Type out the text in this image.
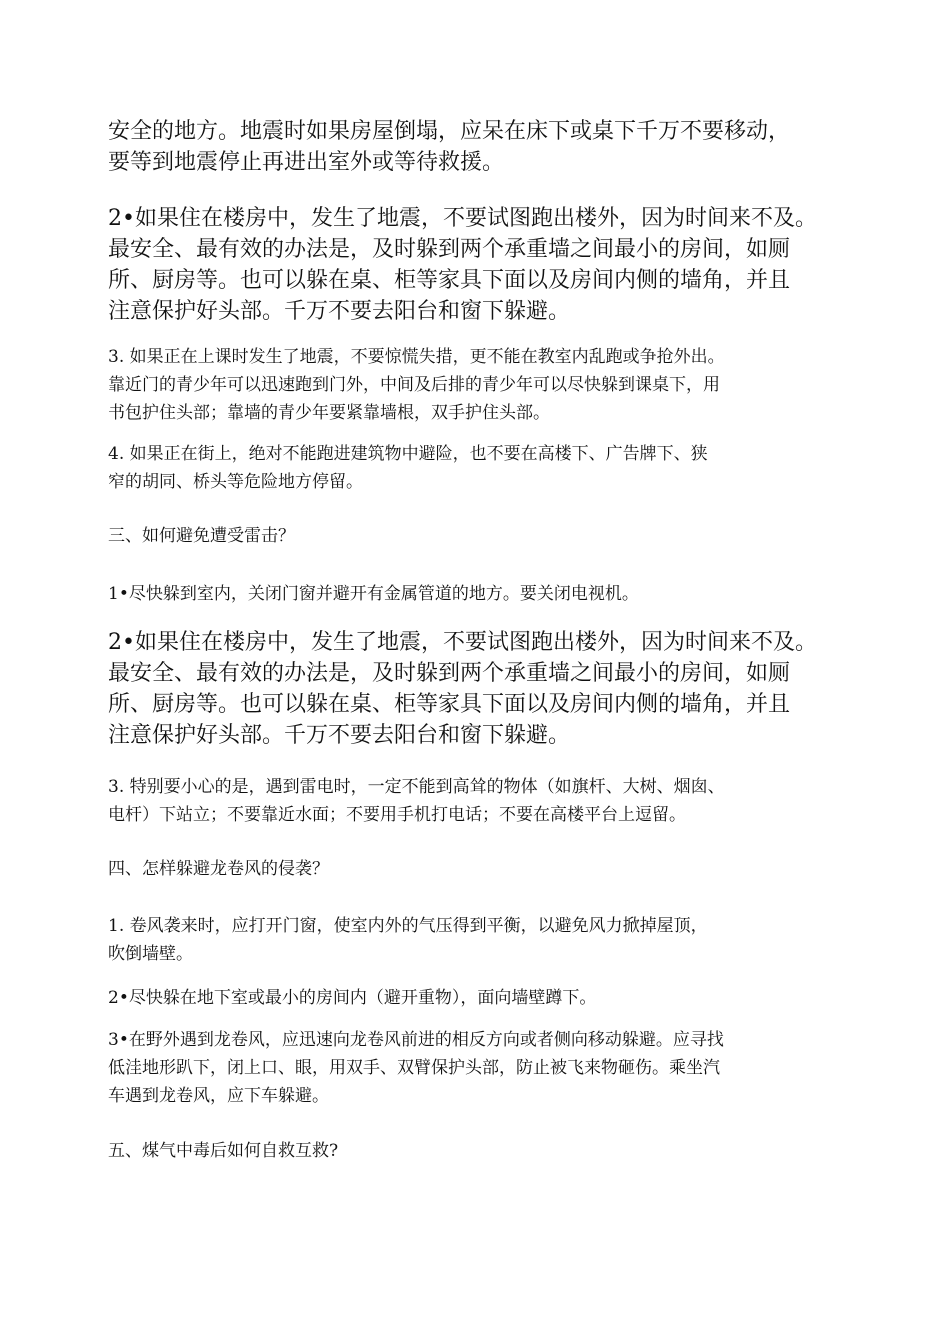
安全的地方。地震时如果房屋倒塌，应呆在床下或桌下千万不要移动，
要等到地震停止再进出室外或等待救援。

2•如果住在楼房中，发生了地震，不要试图跑出楼外，因为时间来不及。
最安全、最有效的办法是，及时躲到两个承重墙之间最小的房间，如厕
所、厨房等。也可以躲在桌、柜等家具下面以及房间内侧的墙角，并且
注意保护好头部。千万不要去阳台和窗下躲避。

3. 如果正在上课时发生了地震，不要惊慌失措，更不能在教室内乱跑或争抢外出。
靠近门的青少年可以迅速跑到门外，中间及后排的青少年可以尽快躲到课桌下，用
书包护住头部；靠墙的青少年要紧靠墙根，双手护住头部。

4. 如果正在街上，绝对不能跑进建筑物中避险，也不要在高楼下、广告牌下、狭
窄的胡同、桥头等危险地方停留。

三、如何避免遭受雷击？

1•尽快躲到室内，关闭门窗并避开有金属管道的地方。要关闭电视机。

2•如果住在楼房中，发生了地震，不要试图跑出楼外，因为时间来不及。
最安全、最有效的办法是，及时躲到两个承重墙之间最小的房间，如厕
所、厨房等。也可以躲在桌、柜等家具下面以及房间内侧的墙角，并且
注意保护好头部。千万不要去阳台和窗下躲避。

3. 特别要小心的是，遇到雷电时，一定不能到高耸的物体（如旗杆、大树、烟囱、
电杆）下站立；不要靠近水面；不要用手机打电话；不要在高楼平台上逗留。

四、怎样躲避龙卷风的侵袭？

1. 卷风袭来时，应打开门窗，使室内外的气压得到平衡，以避免风力掀掉屋顶，
吹倒墙壁。

2•尽快躲在地下室或最小的房间内（避开重物），面向墙壁蹲下。

3•在野外遇到龙卷风，应迅速向龙卷风前进的相反方向或者侧向移动躲避。应寻找
低洼地形趴下，闭上口、眼，用双手、双臂保护头部，防止被飞来物砸伤。乘坐汽
车遇到龙卷风，应下车躲避。

五、煤气中毒后如何自救互救?
